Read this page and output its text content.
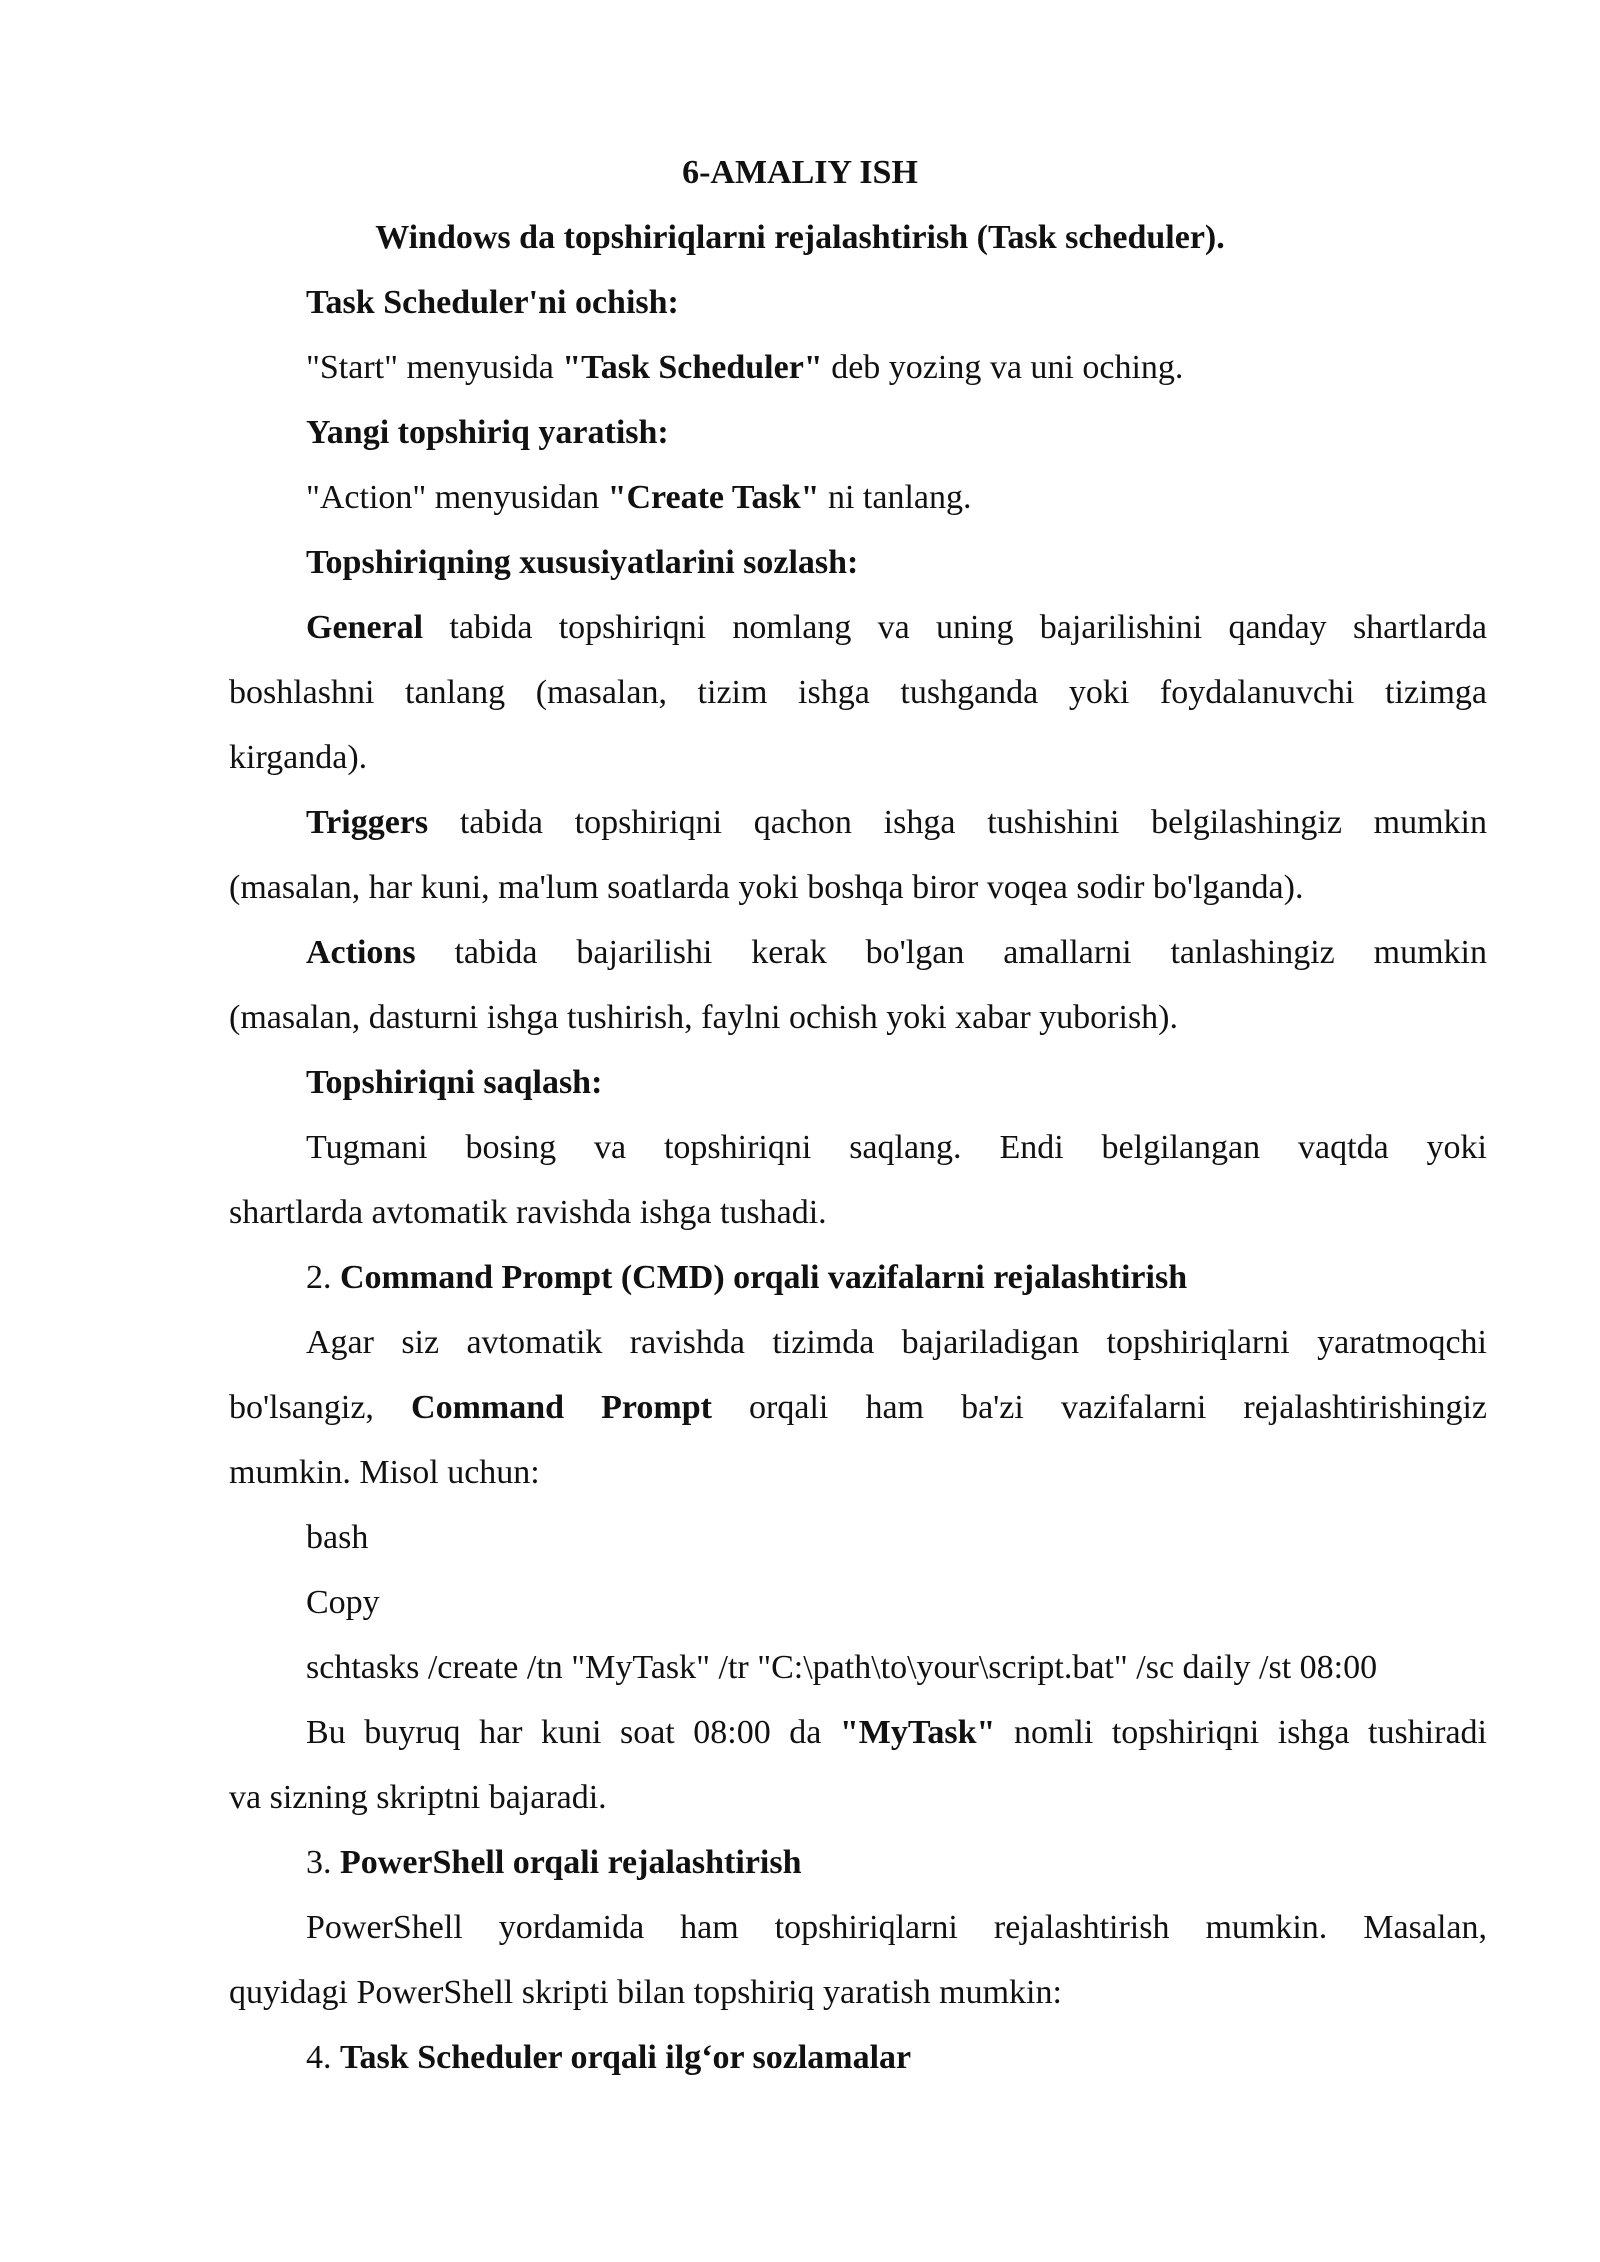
6-AMALIY ISH
Windows da topshiriqlarni rejalashtirish (Task scheduler).
Task Scheduler'ni ochish:
"Start" menyusida "Task Scheduler" deb yozing va uni oching.
Yangi topshiriq yaratish:
"Action" menyusidan "Create Task" ni tanlang.
Topshiriqning xususiyatlarini sozlash:
General tabida topshiriqni nomlang va uning bajarilishini qanday shartlarda
boshlashni tanlang (masalan, tizim ishga tushganda yoki foydalanuvchi tizimga
kirganda).
Triggers tabida topshiriqni qachon ishga tushishini belgilashingiz mumkin
(masalan, har kuni, ma'lum soatlarda yoki boshqa biror voqea sodir bo'lganda).
Actions tabida bajarilishi kerak bo'lgan amallarni tanlashingiz mumkin
(masalan, dasturni ishga tushirish, faylni ochish yoki xabar yuborish).
Topshiriqni saqlash:
Tugmani bosing va topshiriqni saqlang. Endi belgilangan vaqtda yoki
shartlarda avtomatik ravishda ishga tushadi.
2. Command Prompt (CMD) orqali vazifalarni rejalashtirish
Agar siz avtomatik ravishda tizimda bajariladigan topshiriqlarni yaratmoqchi
bo'lsangiz, Command Prompt orqali ham ba'zi vazifalarni rejalashtirishingiz
mumkin. Misol uchun:
bash
Copy
schtasks /create /tn "MyTask" /tr "C:\path\to\your\script.bat" /sc daily /st 08:00
Bu buyruq har kuni soat 08:00 da "MyTask" nomli topshiriqni ishga tushiradi
va sizning skriptni bajaradi.
3. PowerShell orqali rejalashtirish
PowerShell yordamida ham topshiriqlarni rejalashtirish mumkin. Masalan,
quyidagi PowerShell skripti bilan topshiriq yaratish mumkin:
4. Task Scheduler orqali ilg‘or sozlamalar
